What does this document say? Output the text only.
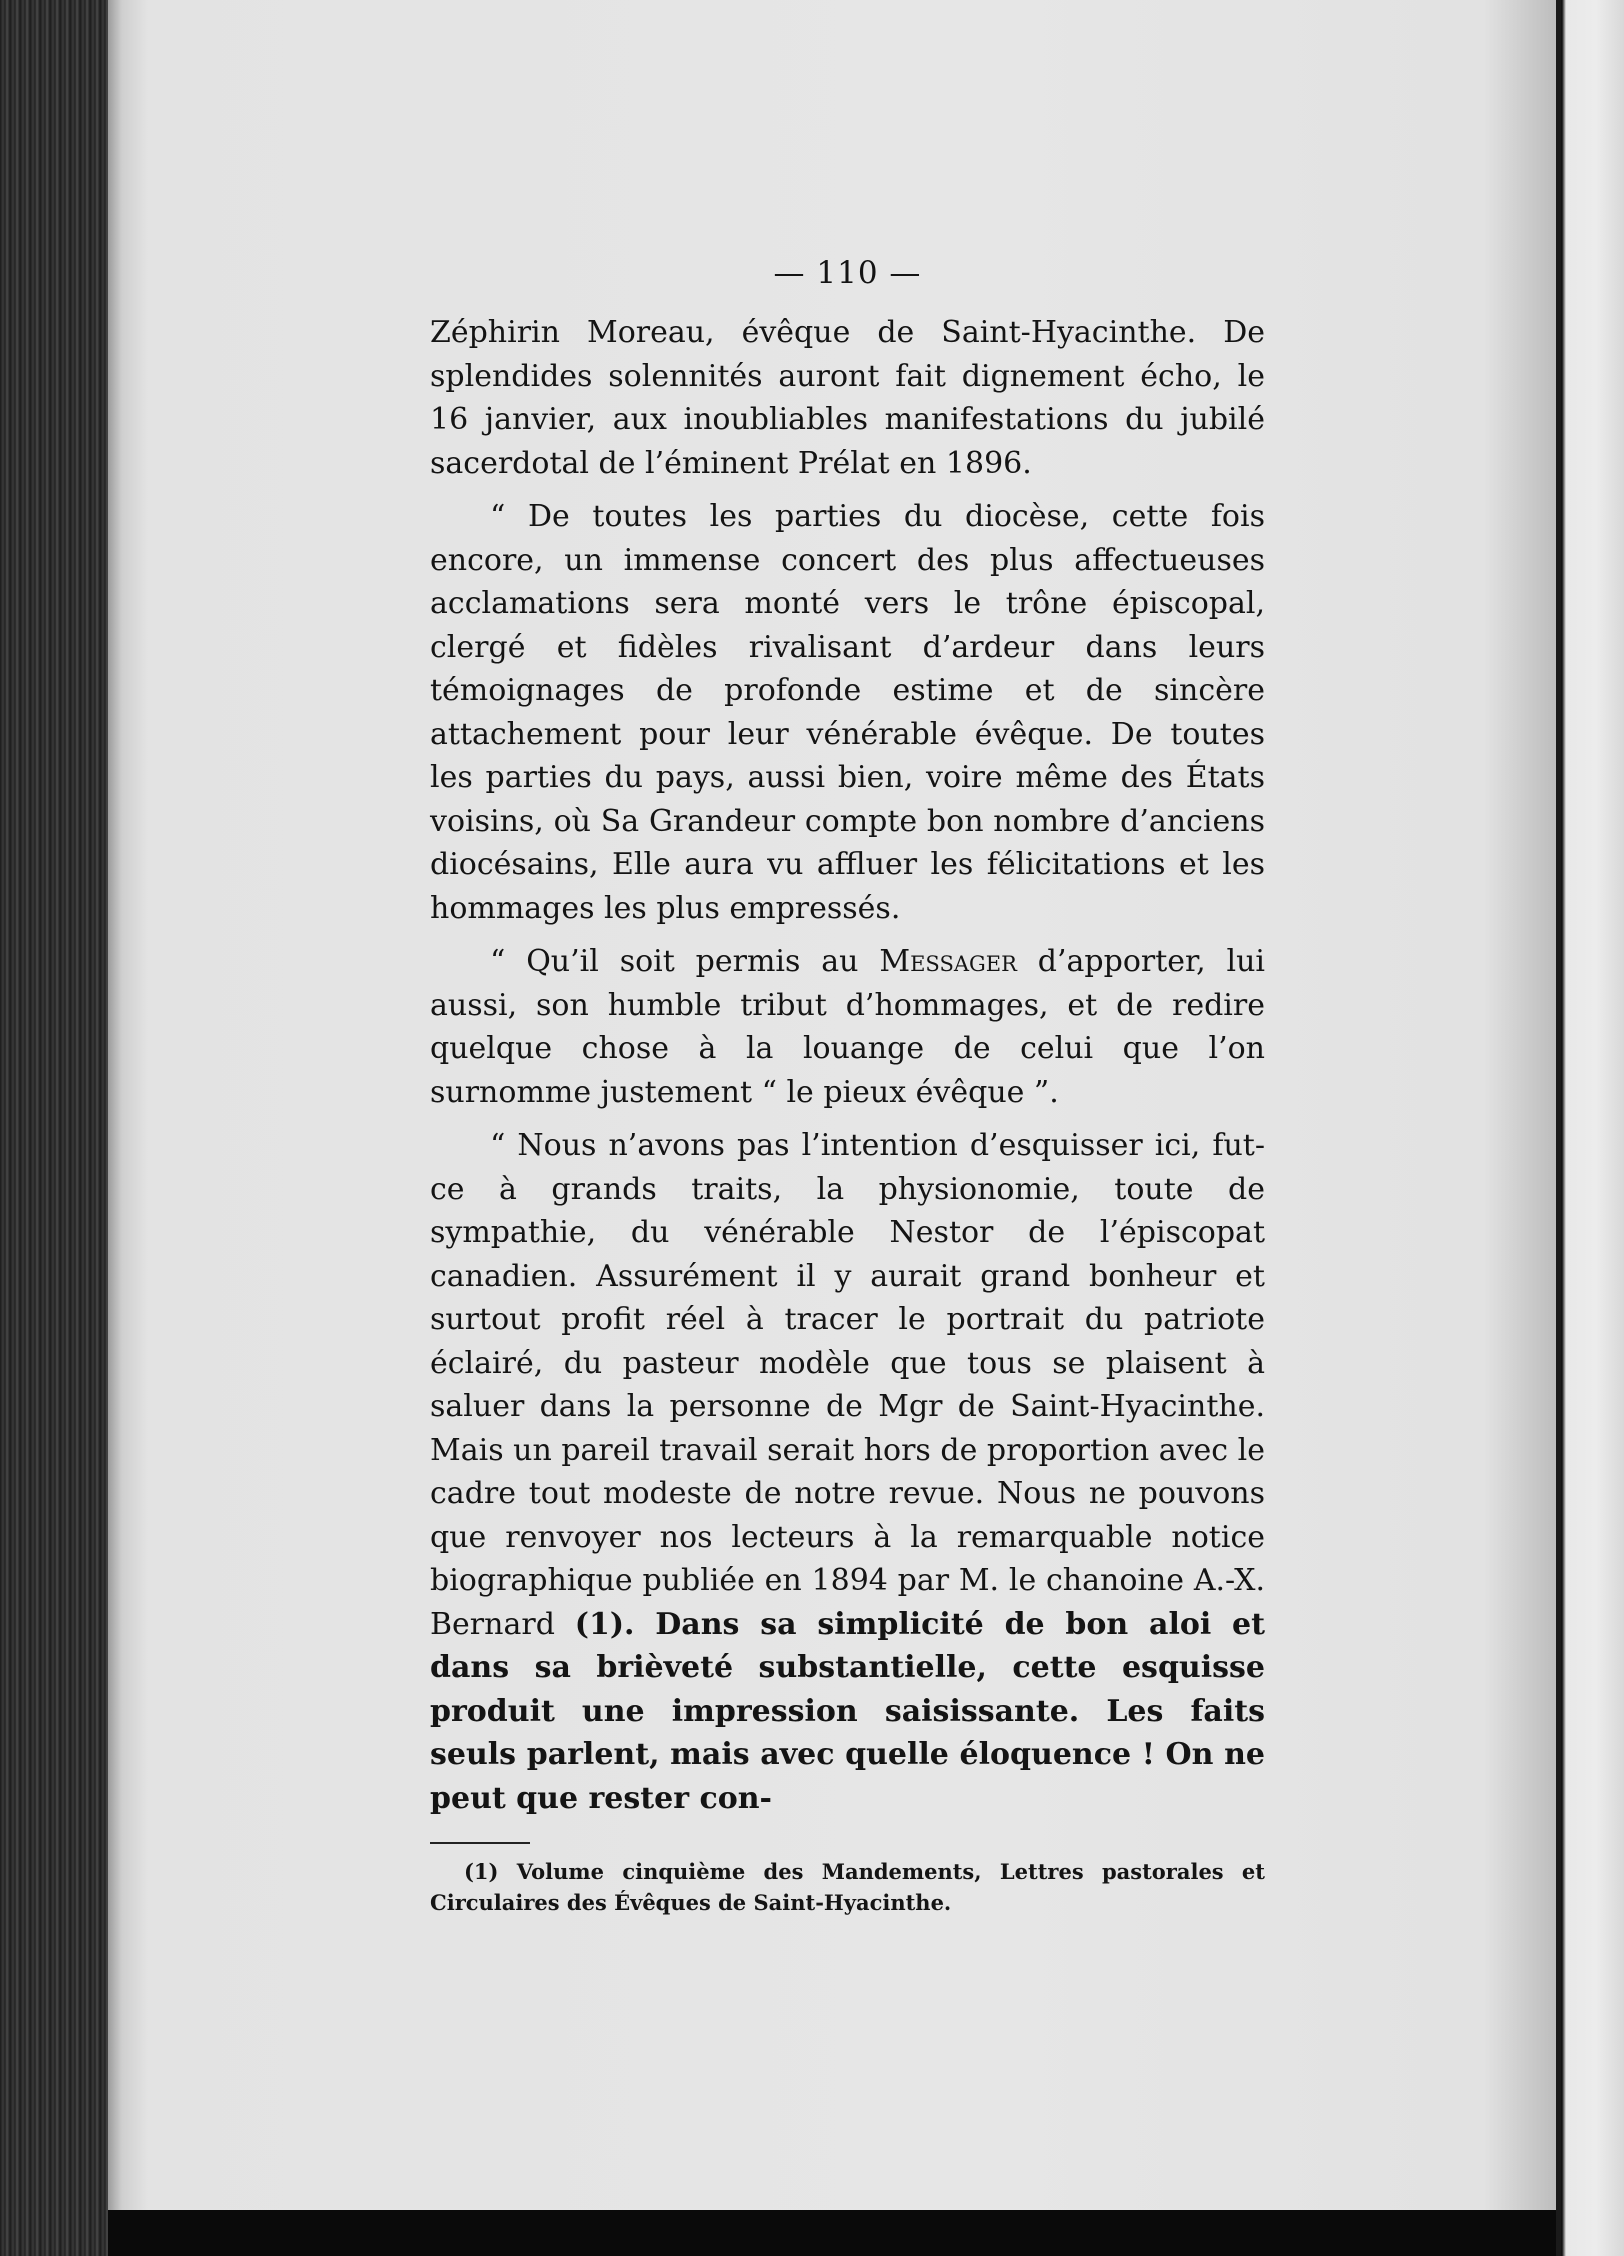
— 110 —

Zéphirin Moreau, évêque de Saint-Hyacinthe. De splendides solennités auront fait dignement écho, le 16 janvier, aux inoubliables manifestations du jubilé sacerdotal de l’éminent Prélat en 1896.

“ De toutes les parties du diocèse, cette fois encore, un immense concert des plus affectueuses acclamations sera monté vers le trône épiscopal, clergé et fidèles rivalisant d’ardeur dans leurs témoignages de profonde estime et de sincère attachement pour leur vénérable évêque. De toutes les parties du pays, aussi bien, voire même des États voisins, où Sa Grandeur compte bon nombre d’anciens diocésains, Elle aura vu affluer les félicitations et les hommages les plus empressés.

“ Qu’il soit permis au Messager d’apporter, lui aussi, son humble tribut d’hommages, et de redire quelque chose à la louange de celui que l’on surnomme justement “ le pieux évêque ”.

“ Nous n’avons pas l’intention d’esquisser ici, fut-ce à grands traits, la physionomie, toute de sympathie, du vénérable Nestor de l’épiscopat canadien. Assurément il y aurait grand bonheur et surtout profit réel à tracer le portrait du patriote éclairé, du pasteur modèle que tous se plaisent à saluer dans la personne de Mgr de Saint-Hyacinthe. Mais un pareil travail serait hors de proportion avec le cadre tout modeste de notre revue. Nous ne pouvons que renvoyer nos lecteurs à la remarquable notice biographique publiée en 1894 par M. le chanoine A.-X. Bernard (1). Dans sa simplicité de bon aloi et dans sa brièveté substantielle, cette esquisse produit une impression saisissante. Les faits seuls parlent, mais avec quelle éloquence ! On ne peut que rester con-

(1) Volume cinquième des Mandements, Lettres pastorales et Circulaires des Évêques de Saint-Hyacinthe.
